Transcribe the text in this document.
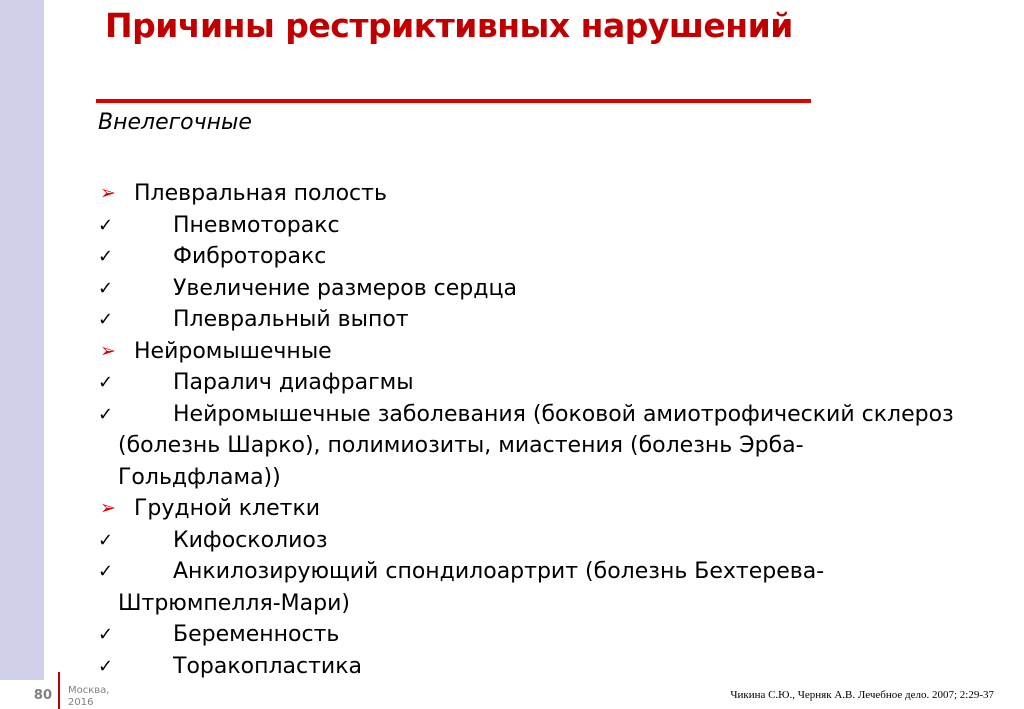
Причины рестриктивных нарушений
Внелегочные
➢ Плевральная полость
✓	Пневмоторакс
✓	Фиброторакс
✓	Увеличение размеров сердца
✓	Плевральный выпот
➢ Нейромышечные
✓	Паралич диафрагмы
✓	Нейромышечные заболевания (боковой амиотрофический склероз (болезнь Шарко), полимиозиты, миастения (болезнь Эрба-Гольдфлама))
➢ Грудной клетки
✓	Кифосколиоз
✓	Анкилозирующий спондилоартрит (болезнь Бехтерева-Штрюмпелля-Мари)
✓	Беременность
✓	Торакопластика
80 Москва,
2016
Чикина С.Ю., Черняк А.В. Лечебное дело. 2007; 2:29-37
